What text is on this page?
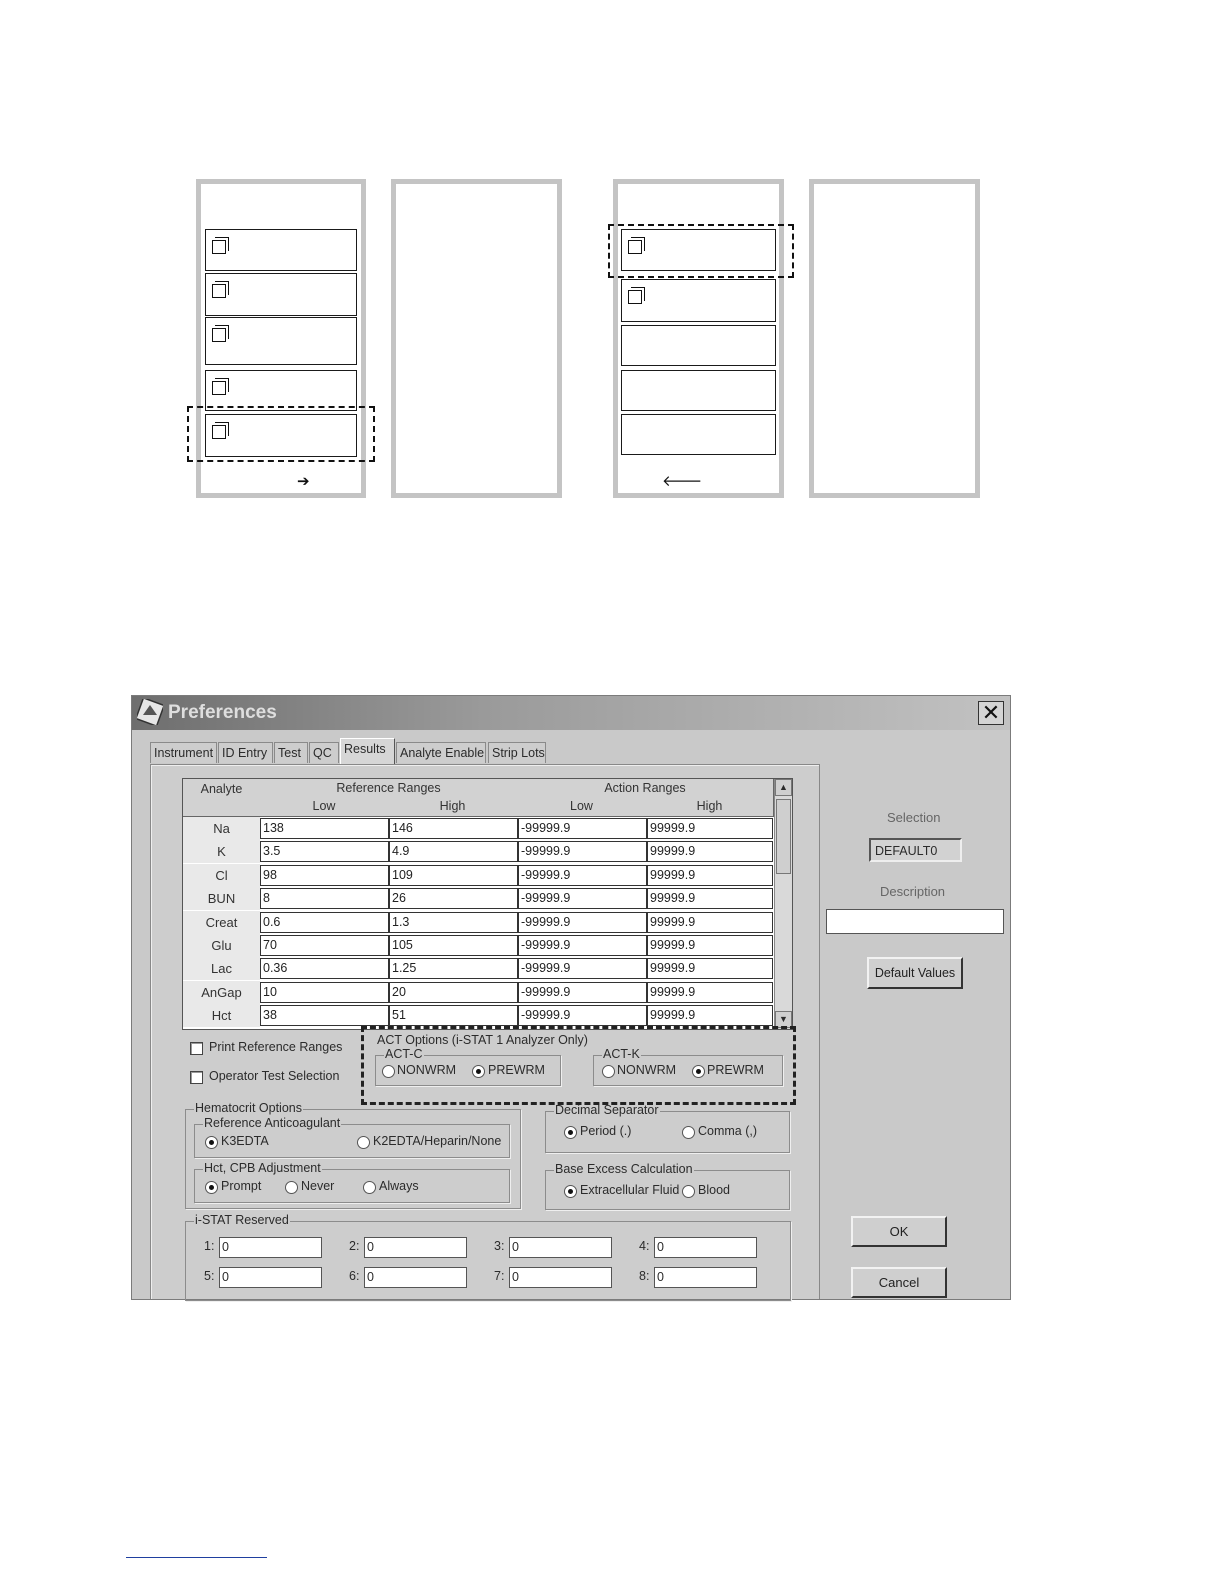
➔	🡐
Preferences	✕
Instrument ID Entry Test QC Results	Analyte Enable Strip Lots
Analyte	Reference Ranges	Action Ranges
Low	High	Low	High
Na	138	146	-99999.9	99999.9
K	3.5	4.9	-99999.9	99999.9
Cl	98	109	-99999.9	99999.9
BUN	8	26	-99999.9	99999.9
Creat	0.6	1.3	-99999.9	99999.9
Glu	70	105	-99999.9	99999.9
Lac	0.36	1.25	-99999.9	99999.9
AnGap	10	20	-99999.9	99999.9
Hct	38	51	-99999.9	99999.9
▲
▼
Print Reference Ranges
Operator Test Selection
ACT Options (i-STAT 1 Analyzer Only)
ACT-C
NONWRM	PREWRM
ACT-K
NONWRM PREWRM
Hematocrit Options
Reference Anticoagulant
K3EDTA	K2EDTA/Heparin/None
Hct, CPB Adjustment
Prompt	Never	Always
Decimal Separator
Period (.)	Comma (,)
Base Excess Calculation
Extracellular Fluid Blood
i-STAT Reserved
1: 0	2: 0	3: 0	4: 0
5: 0	6: 0	7: 0	8: 0
Selection
DEFAULT0
Description
Default Values
OK
Cancel
